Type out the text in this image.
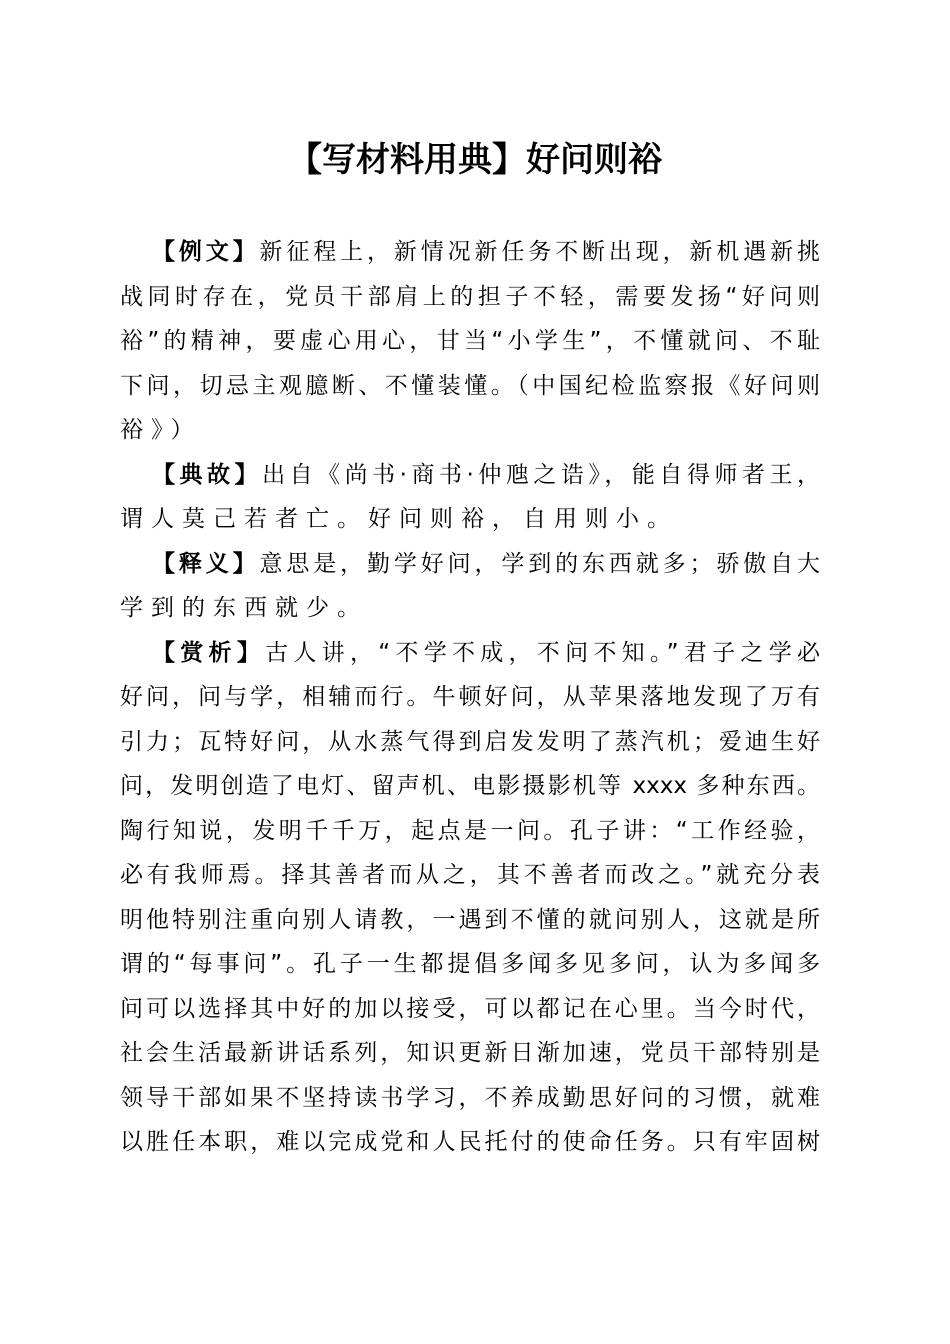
【写材料用典】好问则裕
【例文】新征程上，新情况新任务不断出现，新机遇新挑
战同时存在，党员干部肩上的担子不轻，需要发扬“好问则
裕”的精神，要虚心用心，甘当“小学生”，不懂就问、不耻
下问，切忌主观臆断、不懂装懂。（中国纪检监察报《好问则
裕》）
【典故】出自《尚书·商书·仲虺之诰》，能自得师者王，
谓人莫己若者亡。好问则裕，自用则小。
【释义】意思是，勤学好问，学到的东西就多；骄傲自大
学到的东西就少。
【赏析】古人讲，“不学不成，不问不知。”君子之学必
好问，问与学，相辅而行。牛顿好问，从苹果落地发现了万有
引力；瓦特好问，从水蒸气得到启发发明了蒸汽机；爱迪生好
问，发明创造了电灯、留声机、电影摄影机等 xxxx 多种东西。
陶行知说，发明千千万，起点是一问。孔子讲：“工作经验，
必有我师焉。择其善者而从之，其不善者而改之。”就充分表
明他特别注重向别人请教，一遇到不懂的就问别人，这就是所
谓的“每事问”。孔子一生都提倡多闻多见多问，认为多闻多
问可以选择其中好的加以接受，可以都记在心里。当今时代，
社会生活最新讲话系列，知识更新日渐加速，党员干部特别是
领导干部如果不坚持读书学习，不养成勤思好问的习惯，就难
以胜任本职，难以完成党和人民托付的使命任务。只有牢固树
